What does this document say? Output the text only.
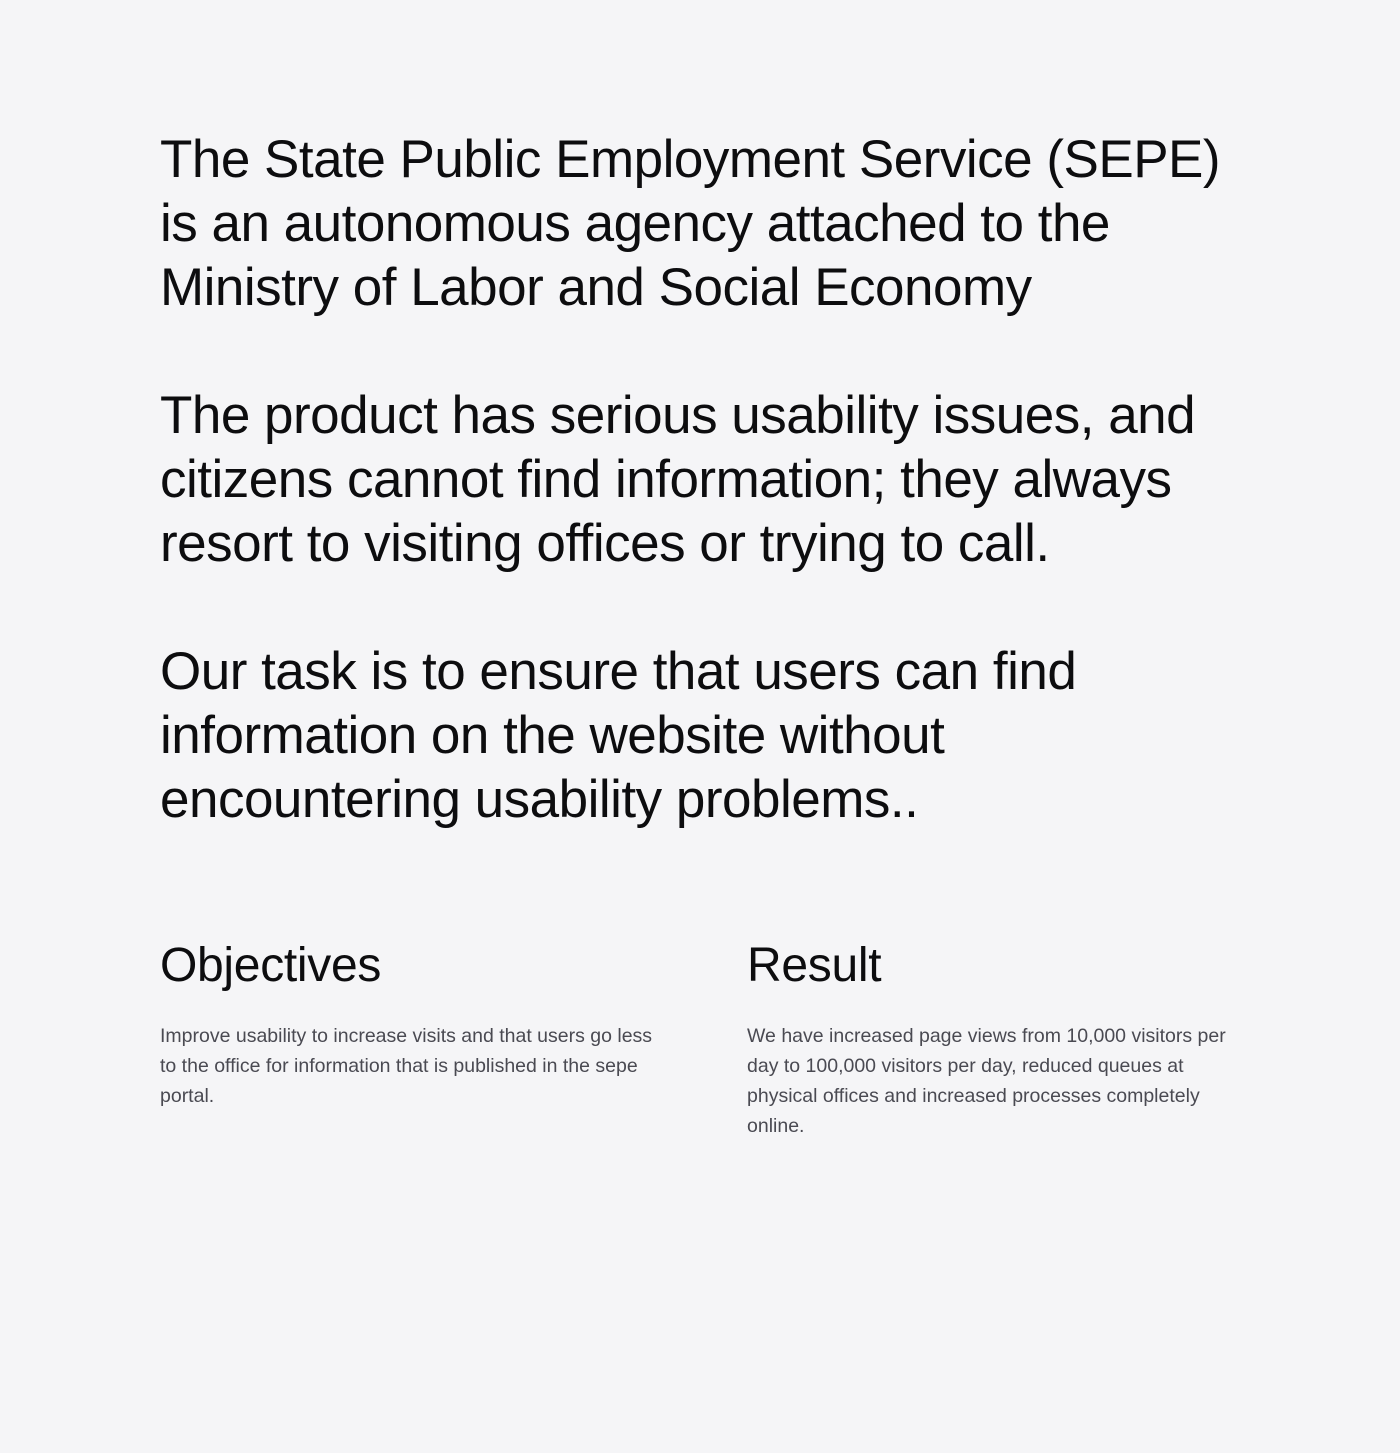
The State Public Employment Service (SEPE) is an autonomous agency attached to the Ministry of Labor and Social Economy

The product has serious usability issues, and citizens cannot find information; they always resort to visiting offices or trying to call.

Our task is to ensure that users can find information on the website without encountering usability problems..

Objectives

Improve usability to increase visits and that users go less to the office for information that is published in the sepe portal.

Result

We have increased page views from 10,000 visitors per day to 100,000 visitors per day, reduced queues at physical offices and increased processes completely online.
